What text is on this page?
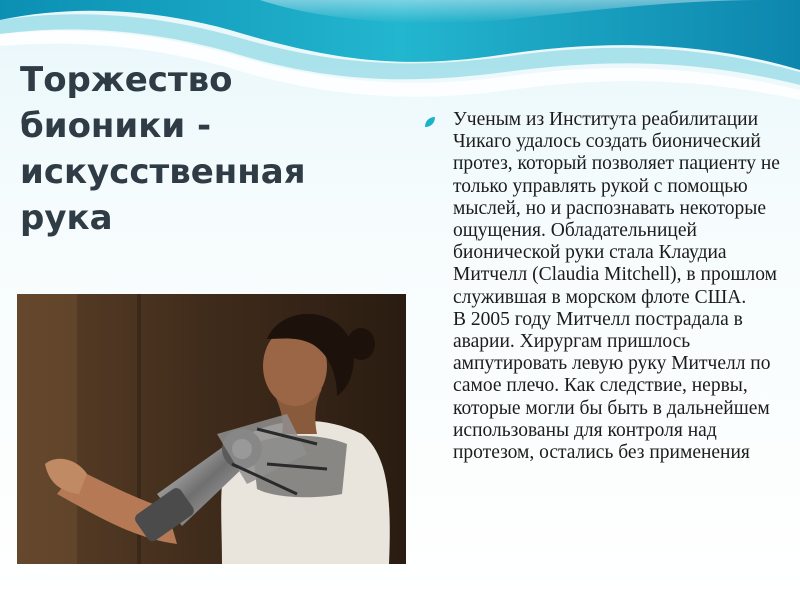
Торжество
бионики -
искусственная
рука

Ученым из Института реабилитации Чикаго удалось создать бионический протез, который позволяет пациенту не только управлять рукой с помощью мыслей, но и распознавать некоторые ощущения. Обладательницей бионической руки стала Клаудиа Митчелл (Claudia Mitchell), в прошлом служившая в морском флоте США.
В 2005 году Митчелл пострадала в аварии. Хирургам пришлось ампутировать левую руку Митчелл по самое плечо. Как следствие, нервы, которые могли бы быть в дальнейшем использованы для контроля над протезом, остались без применения
